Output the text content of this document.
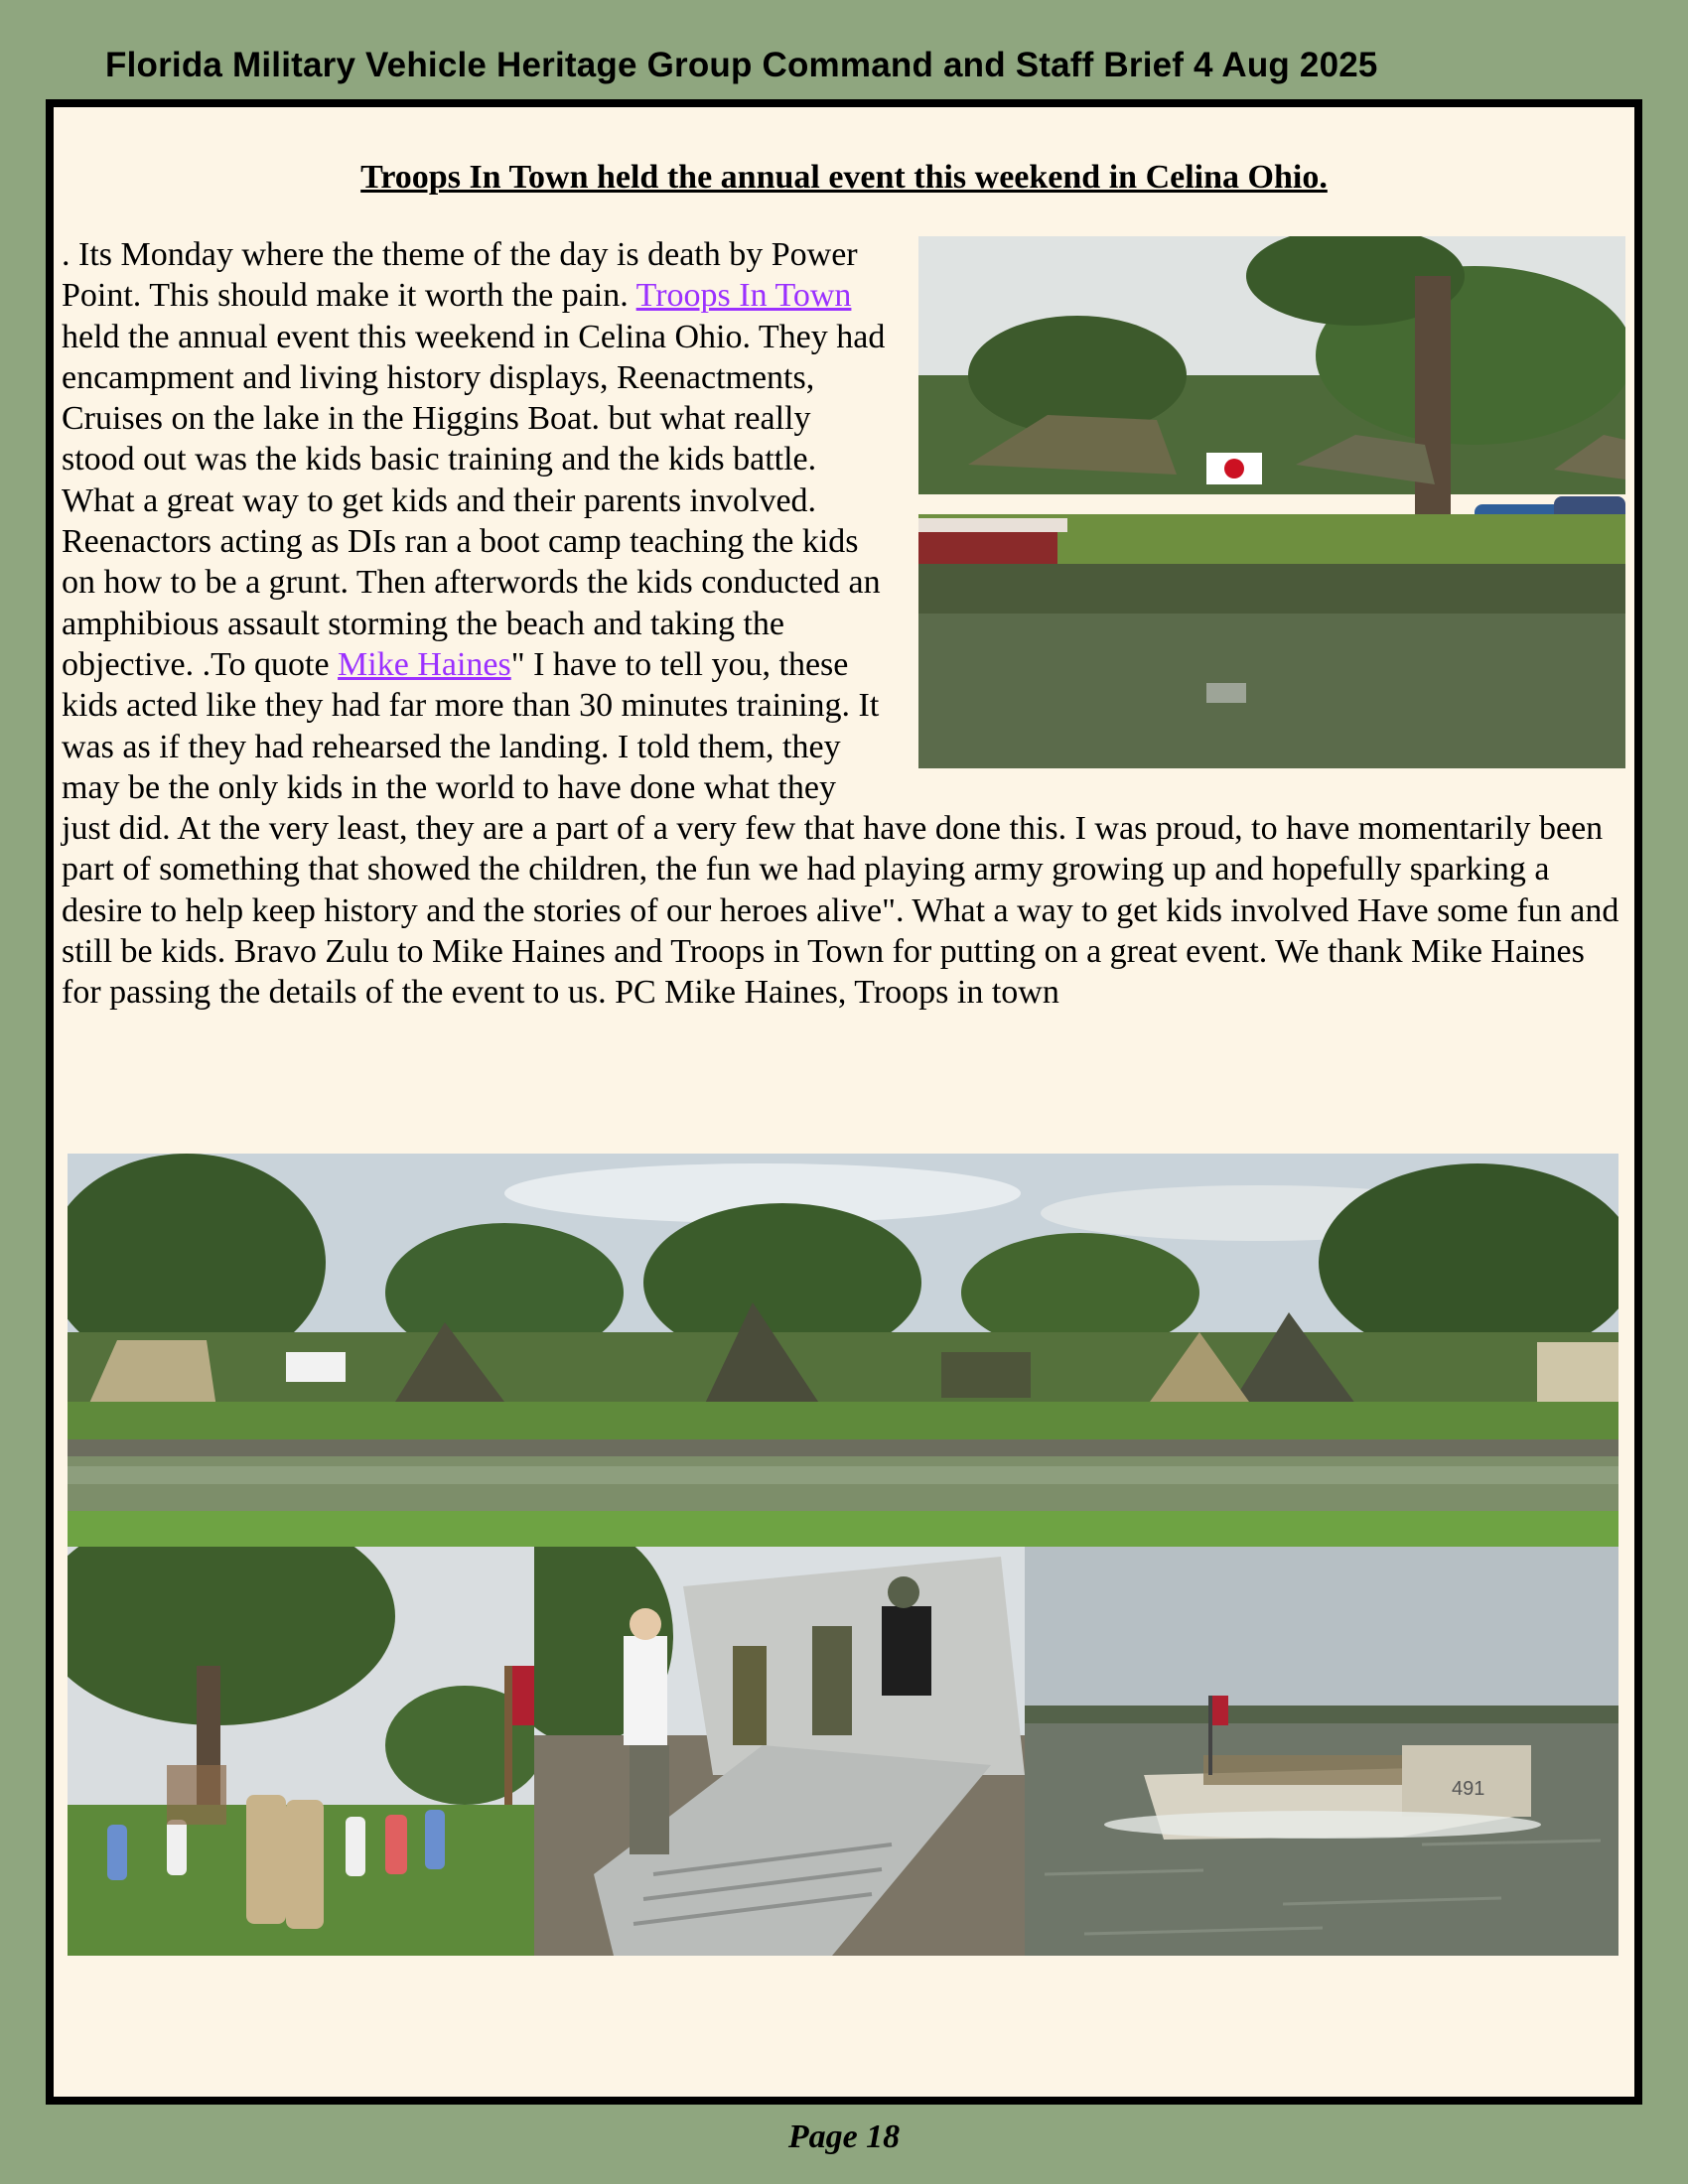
Florida Military Vehicle Heritage Group Command and Staff Brief 4 Aug 2025
Troops In Town held the annual event this weekend in Celina Ohio.
. Its Monday where the theme of the day is death by Power Point. This should make it worth the pain. Troops In Town held the annual event this weekend in Celina Ohio. They had encampment and living history displays, Reenactments, Cruises on the lake in the Higgins Boat. but what really stood out was the kids basic training and the kids battle. What a great way to get kids and their parents involved. Reenactors acting as DIs ran a boot camp teaching the kids on how to be a grunt. Then afterwords the kids conducted an amphibious assault storming the beach and taking the objective. .To quote Mike Haines" I have to tell you, these kids acted like they had far more than 30 minutes training. It was as if they had rehearsed the landing. I told them, they may be the only kids in the world to have done what they just did. At the very least, they are a part of a very few that have done this. I was proud, to have momentarily been part of something that showed the children, the fun we had playing army growing up and hopefully sparking a desire to help keep history and the stories of our heroes alive". What a way to get kids involved Have some fun and still be kids. Bravo Zulu to Mike Haines and Troops in Town for putting on a great event. We thank Mike Haines for passing the details of the event to us. PC Mike Haines, Troops in town
491
Page 18
